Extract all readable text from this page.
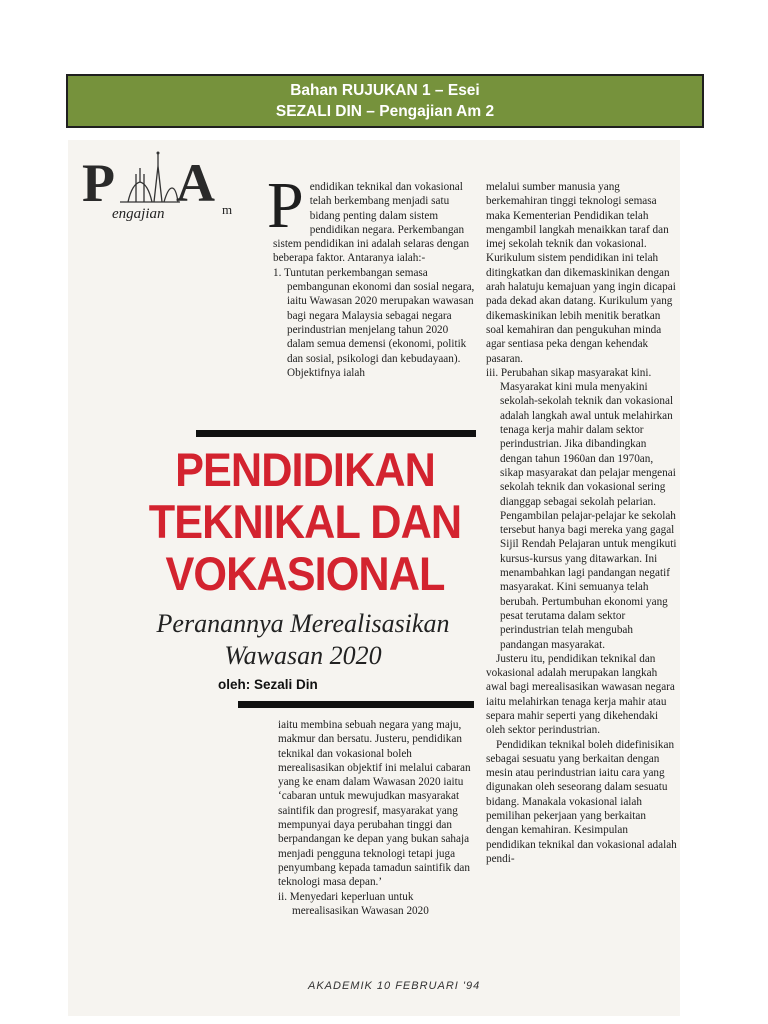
Bahan RUJUKAN 1 – Esei
SEZALI DIN – Pengajian Am 2
P A
engajian	m Pendidikan teknikal dan vokasional telah berkembang menjadi satu bidang penting dalam sistem pendidikan negara. Perkembangan sistem pendidikan ini adalah selaras dengan beberapa faktor. Antaranya ialah:-

1. Tuntutan perkembangan semasa pembangunan ekonomi dan sosial negara, iaitu Wawasan 2020 merupakan wawasan bagi negara Malaysia sebagai negara perindustrian menjelang tahun 2020 dalam semua demensi (ekonomi, politik dan sosial, psikologi dan kebudayaan). Objektifnya ialah

melalui sumber manusia yang berkemahiran tinggi teknologi semasa maka Kementerian Pendidikan telah mengambil langkah menaikkan taraf dan imej sekolah teknik dan vokasional. Kurikulum sistem pendidikan ini telah ditingkatkan dan dikemaskinikan dengan arah halatuju kemajuan yang ingin dicapai pada dekad akan datang. Kurikulum yang dikemaskinikan lebih menitik beratkan soal kemahiran dan pengukuhan minda agar sentiasa peka dengan kehendak pasaran.

iii. Perubahan sikap masyarakat kini. Masyarakat kini mula menyakini sekolah-sekolah teknik dan vokasional adalah langkah awal untuk melahirkan tenaga kerja mahir dalam sektor perindustrian. Jika dibandingkan dengan tahun 1960an dan 1970an, sikap masyarakat dan pelajar mengenai sekolah teknik dan vokasional sering dianggap sebagai sekolah pelarian. Pengambilan pelajar-pelajar ke sekolah tersebut hanya bagi mereka yang gagal Sijil Rendah Pelajaran untuk mengikuti kursus-kursus yang ditawarkan. Ini menambahkan lagi pandangan negatif masyarakat. Kini semuanya telah berubah. Pertumbuhan ekonomi yang pesat terutama dalam sektor perindustrian telah mengubah pandangan masyarakat.

Justeru itu, pendidikan teknikal dan vokasional adalah merupakan langkah awal bagi merealisasikan wawasan negara iaitu melahirkan tenaga kerja mahir atau separa mahir seperti yang dikehendaki oleh sektor perindustrian.

Pendidikan teknikal boleh didefinisikan sebagai sesuatu yang berkaitan dengan mesin atau perindustrian iaitu cara yang digunakan oleh seseorang dalam sesuatu bidang. Manakala vokasional ialah pemilihan pekerjaan yang berkaitan dengan kemahiran. Kesimpulan pendidikan teknikal dan vokasional adalah pendi-

PENDIDIKAN
TEKNIKAL DAN
VOKASIONAL
Peranannya Merealisasikan
Wawasan 2020
oleh: Sezali Din

iaitu membina sebuah negara yang maju, makmur dan bersatu. Justeru, pendidikan teknikal dan vokasional boleh merealisasikan objektif ini melalui cabaran yang ke enam dalam Wawasan 2020 iaitu ‘cabaran untuk mewujudkan masyarakat saintifik dan progresif, masyarakat yang mempunyai daya perubahan tinggi dan berpandangan ke depan yang bukan sahaja menjadi pengguna teknologi tetapi juga penyumbang kepada tamadun saintifik dan teknologi masa depan.’

ii. Menyedari keperluan untuk merealisasikan Wawasan 2020

AKADEMIK 10 FEBRUARI '94
